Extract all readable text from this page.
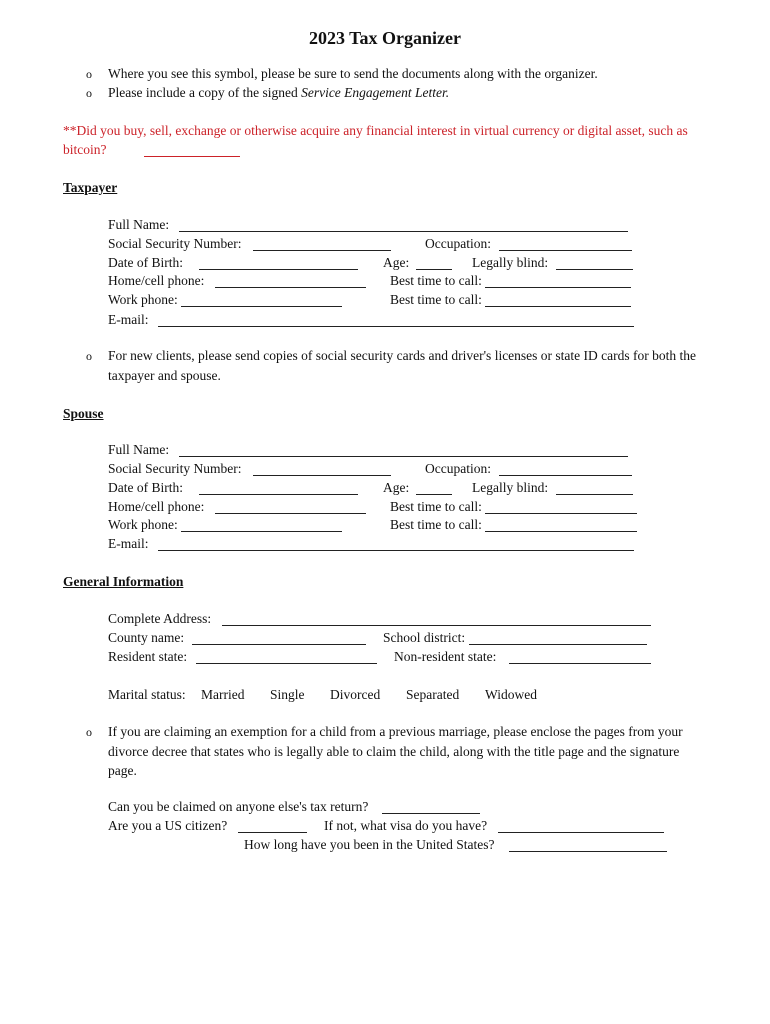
2023 Tax Organizer
o Where you see this symbol, please be sure to send the documents along with the organizer.
o Please include a copy of the signed Service Engagement Letter.
**Did you buy, sell, exchange or otherwise acquire any financial interest in virtual currency or digital asset, such as
bitcoin?
Taxpayer
Full Name:
Social Security Number:	Occupation:
Date of Birth:	Age:	Legally blind:
Home/cell phone:	Best time to call:
Work phone:	Best time to call:
E-mail:
o For new clients, please send copies of social security cards and driver's licenses or state ID cards for both the taxpayer and spouse.
Spouse
Full Name:
Social Security Number:	Occupation:
Date of Birth:	Age:	Legally blind:
Home/cell phone:	Best time to call:
Work phone:	Best time to call:
E-mail:
General Information
Complete Address:
County name:	School district:
Resident state:	Non-resident state:
Marital status: Married Single Divorced Separated Widowed
o If you are claiming an exemption for a child from a previous marriage, please enclose the pages from your divorce decree that states who is legally able to claim the child, along with the title page and the signature page.
Can you be claimed on anyone else's tax return?
Are you a US citizen?	If not, what visa do you have?
How long have you been in the United States?
